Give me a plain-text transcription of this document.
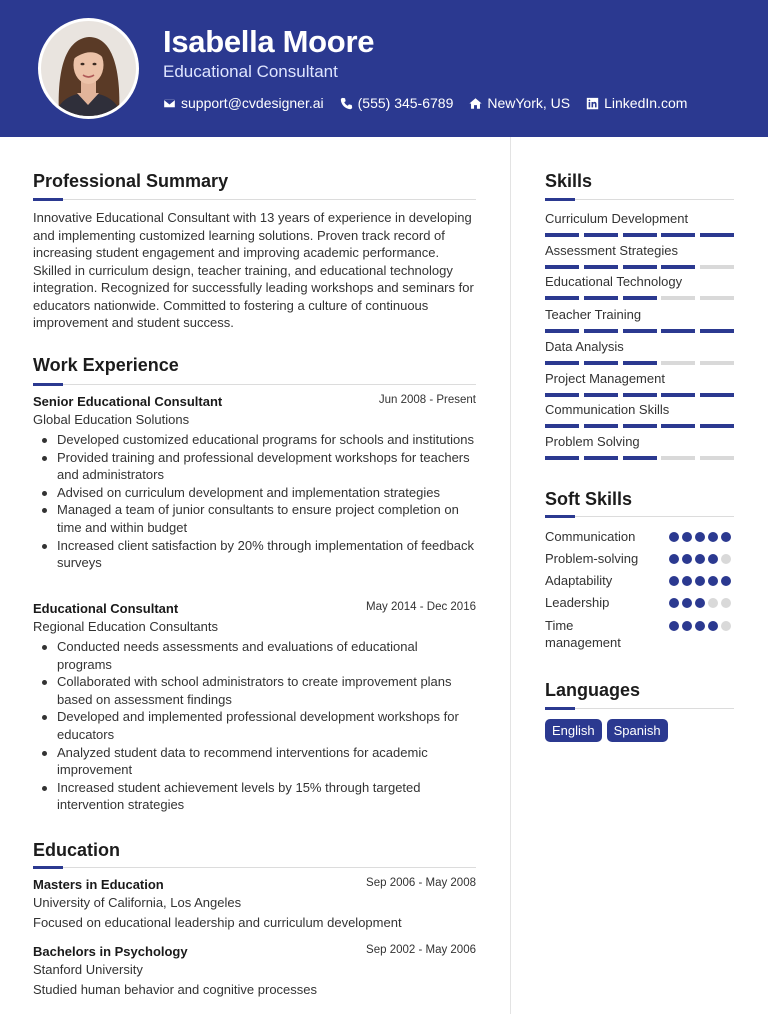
Isabella Moore
Educational Consultant
support@cvdesigner.ai (555) 345-6789 NewYork, US LinkedIn.com
Professional Summary
Innovative Educational Consultant with 13 years of experience in developing and implementing customized learning solutions. Proven track record of increasing student engagement and improving academic performance. Skilled in curriculum design, teacher training, and educational technology integration. Recognized for successfully leading workshops and seminars for educators nationwide. Committed to fostering a culture of continuous improvement and student success.
Work Experience
Senior Educational Consultant	Jun 2008 - Present
Global Education Solutions
Developed customized educational programs for schools and institutions
Provided training and professional development workshops for teachers and administrators
Advised on curriculum development and implementation strategies
Managed a team of junior consultants to ensure project completion on time and within budget
Increased client satisfaction by 20% through implementation of feedback surveys
Educational Consultant	May 2014 - Dec 2016
Regional Education Consultants
Conducted needs assessments and evaluations of educational programs
Collaborated with school administrators to create improvement plans based on assessment findings
Developed and implemented professional development workshops for educators
Analyzed student data to recommend interventions for academic improvement
Increased student achievement levels by 15% through targeted intervention strategies
Education
Masters in Education	Sep 2006 - May 2008
University of California, Los Angeles
Focused on educational leadership and curriculum development
Bachelors in Psychology	Sep 2002 - May 2006
Stanford University
Studied human behavior and cognitive processes
Skills
Curriculum Development
Assessment Strategies
Educational Technology
Teacher Training
Data Analysis
Project Management
Communication Skills
Problem Solving
Soft Skills
Communication
Problem-solving
Adaptability
Leadership
Time management
Languages
English	Spanish
